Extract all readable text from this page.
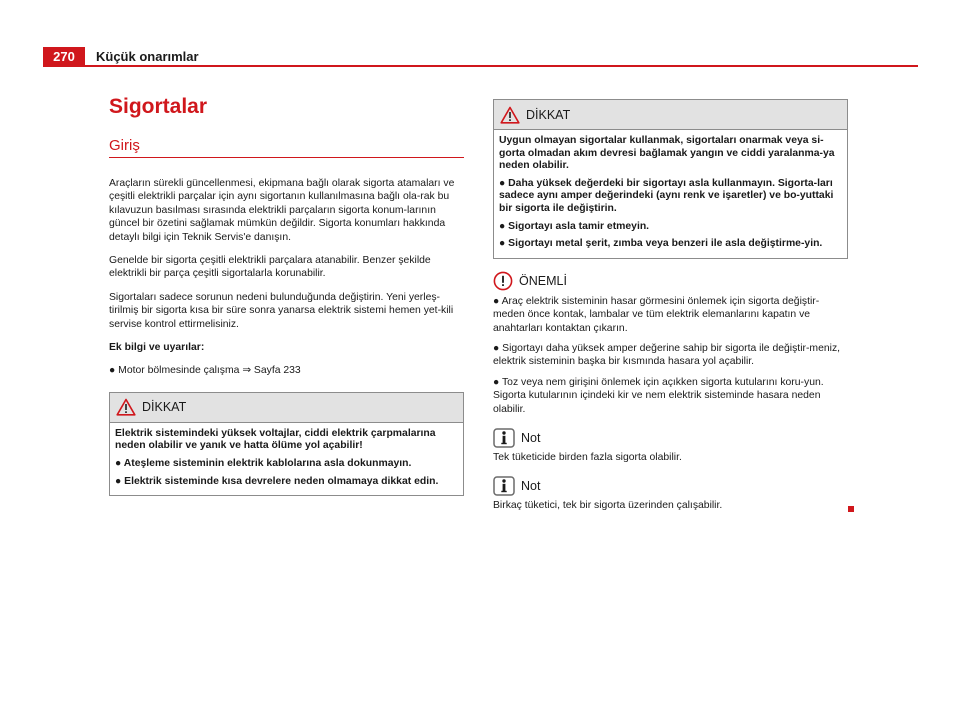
270	Küçük onarımlar
Sigortalar
Giriş

Araçların sürekli güncellenmesi, ekipmana bağlı olarak sigorta atamaları ve çeşitli elektrikli parçalar için aynı sigortanın kullanılmasına bağlı ola-rak bu kılavuzun basılması sırasında elektrikli parçaların sigorta konum-larının güncel bir özetini sağlamak mümkün değildir. Sigorta konumları hakkında detaylı bilgi için Teknik Servis'e danışın.

Genelde bir sigorta çeşitli elektrikli parçalara atanabilir. Benzer şekilde elektrikli bir parça çeşitli sigortalarla korunabilir.

Sigortaları sadece sorunun nedeni bulunduğunda değiştirin. Yeni yerleş-tirilmiş bir sigorta kısa bir süre sonra yanarsa elektrik sistemi hemen yet-kili servise kontrol ettirmelisiniz.

Ek bilgi ve uyarılar:

● Motor bölmesinde çalışma ⇒ Sayfa 233

DİKKAT

Elektrik sistemindeki yüksek voltajlar, ciddi elektrik çarpmalarına neden olabilir ve yanık ve hatta ölüme yol açabilir!

● Ateşleme sisteminin elektrik kablolarına asla dokunmayın.

● Elektrik sisteminde kısa devrelere neden olmamaya dikkat edin.

DİKKAT

Uygun olmayan sigortalar kullanmak, sigortaları onarmak veya si-gorta olmadan akım devresi bağlamak yangın ve ciddi yaralanma-ya neden olabilir.

● Daha yüksek değerdeki bir sigortayı asla kullanmayın. Sigorta-ları sadece aynı amper değerindeki (aynı renk ve işaretler) ve bo-yuttaki bir sigorta ile değiştirin.

● Sigortayı asla tamir etmeyin.

● Sigortayı metal şerit, zımba veya benzeri ile asla değiştirme-yin.

ÖNEMLİ

● Araç elektrik sisteminin hasar görmesini önlemek için sigorta değiştir-meden önce kontak, lambalar ve tüm elektrik elemanlarını kapatın ve anahtarları kontaktan çıkarın.

● Sigortayı daha yüksek amper değerine sahip bir sigorta ile değiştir-meniz, elektrik sisteminin başka bir kısmında hasara yol açabilir.

● Toz veya nem girişini önlemek için açıkken sigorta kutularını koru-yun. Sigorta kutularının içindeki kir ve nem elektrik sisteminde hasara neden olabilir.

Not

Tek tüketicide birden fazla sigorta olabilir.

Not

Birkaç tüketici, tek bir sigorta üzerinden çalışabilir.
